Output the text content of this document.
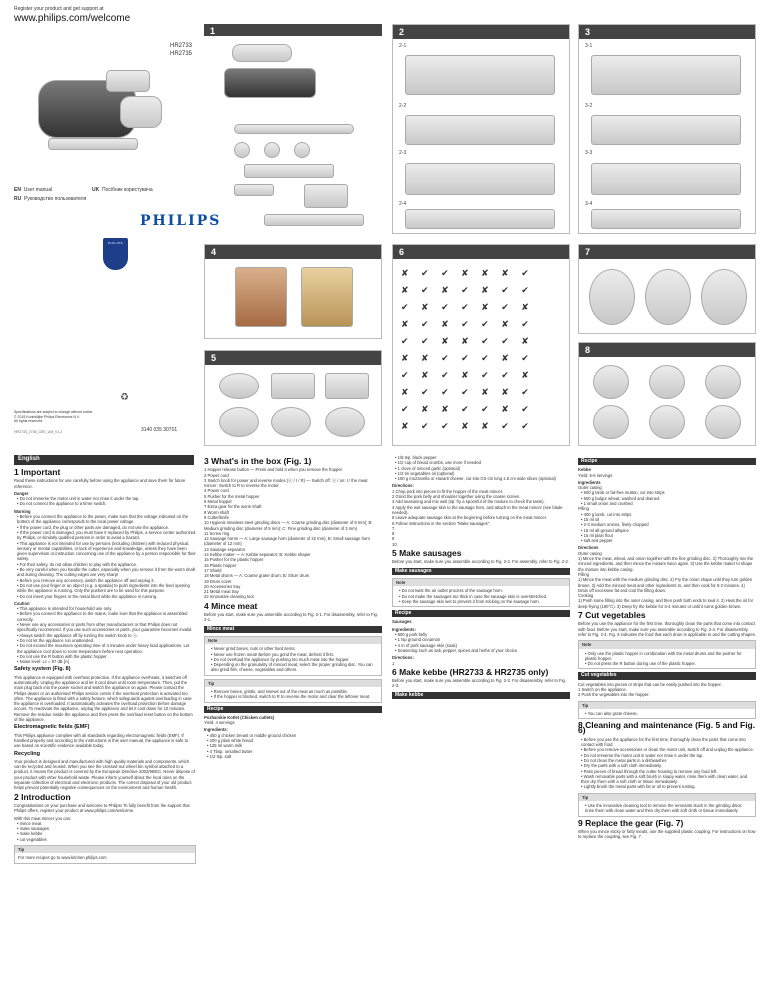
Register your product and get support at
www.philips.com/welcome
HR2733
HR2735
1
EN User manual
RU Руководство пользователя
UK Посібник користувача
PHILIPS
PHILIPS
Specifications are subject to change without notice
© 2015 Koninklijke Philips Electronics N.V.
All rights reserved.
3140 035 30701
♻
HR2733_2735_CEE_UM_V1.2
2
2-1
2-2
2-3
2-4
3
3-1
3-2
3-3
3-4
4
5
6
✘ ✔ ✔ ✘ ✘ ✘ ✔
✘ ✔ ✘ ✔ ✘ ✔ ✔
✔ ✘ ✔ ✔ ✘ ✔ ✘
✘ ✔ ✘ ✔ ✔ ✘ ✔
✔ ✔ ✘ ✘ ✔ ✔ ✘
✘ ✘ ✔ ✔ ✔ ✘ ✔
✔ ✘ ✔ ✘ ✔ ✔ ✘
✘ ✔ ✔ ✔ ✘ ✘ ✔
✔ ✘ ✘ ✔ ✔ ✘ ✔
✘ ✔ ✔ ✘ ✘ ✔ ✔
7
8
English
1 Important
Read these instructions for use carefully before using the appliance and save them for future reference.
Danger
• Do not immerse the motor unit in water nor rinse it under the tap.
• Do not connect the appliance to a timer switch.
Warning
• Before you connect the appliance to the power, make sure that the voltage indicated on the bottom of the appliance corresponds to the local power voltage.
• If the power cord, the plug or other parts are damaged, do not use the appliance.
• If the power cord is damaged, you must have it replaced by Philips, a service center authorized by Philips, or similarly qualified persons in order to avoid a hazard.
• This appliance is not intended for use by persons (including children) with reduced physical, sensory or mental capabilities, or lack of experience and knowledge, unless they have been given supervision or instruction concerning use of the appliance by a person responsible for their safety.
• For their safety, do not allow children to play with the appliance.
• Be very careful when you handle the cutter, especially when you remove it from the worm shaft and during cleaning. The cutting edges are very sharp!
• Before you remove any accessory, switch the appliance off and unplug it.
• Do not use your finger or an object (e.g. a spatula) to push ingredients into the feed opening while the appliance is running. Only the pushers are to be used for this purpose.
• Do not insert your fingers or the metal blunt while the appliance is running.
Caution
• This appliance is intended for household use only.
• Before you connect the appliance to the mains, make sure that the appliance is assembled correctly.
• Never use any accessories or parts from other manufacturers or that Philips does not specifically recommend. If you use such accessories or parts, your guarantee becomes invalid.
• Always switch the appliance off by turning the switch knob to ⓞ.
• Do not let the appliance run unattended.
• Do not exceed the maximum operating time of 4 minutes under heavy load applications. Let the appliance cool down to room temperature before next operation.
• Do not use the R button with the plastic hopper.
• Noise level: Lc = 87 dB [A]
Safety system (Fig. 8)
This appliance is equipped with overheat protection. If the appliance overheats, it switches off automatically. Unplug the appliance and let it cool down until room temperature. Then, put the main plug back into the power socket and switch the appliance on again. Please contact the Philips dealer or an authorised Philips service centre if the overheat protection is activated too often. The appliance is fitted with a safety feature, which safeguards against overloading in case the appliance is overloaded. It automatically activates the overload protection before damage occurs. To reactivate the appliance, unplug the appliance and let it cool down for 10 minutes. Remove the residue inside the appliance and then press the overload reset button on the bottom of the appliance.
Electromagnetic fields (EMF)
This Philips appliance complies with all standards regarding electromagnetic fields (EMF). If handled properly and according to the instructions in this user manual, the appliance is safe to use based on scientific evidence available today.
Recycling
Your product is designed and manufactured with high quality materials and components, which can be recycled and reused. When you see the crossed-out wheel bin symbol attached to a product, it means the product is covered by the European Directive 2002/96/EC. Never dispose of your product with other household waste. Please inform yourself about the local rules on the separate collection of electrical and electronic products. The correct disposal of your old product helps prevent potentially negative consequences on the environment and human health.
2 Introduction
Congratulations on your purchase and welcome to Philips! To fully benefit from the support that Philips offers, register your product at www.philips.com/welcome.
With this meat mincer you can:
• mince meat
• make sausages
• make kebbe
• cut vegetables
Tip
For more recipes go to www.kitchen.philips.com
3 What's in the box (Fig. 1)
1 Hopper release button — Press and hold it when you remove the hopper.
2 Power cord
3 Switch knob for power and reverse modes (ⓞ / I / R) — Switch off: ⓞ / on: I / the meat mincer; Switch to R to reverse the motor
4 Power cord
5 Pusher for the metal hopper
6 Metal hopper
7 Extra gear for the worm shaft
8 Worm shaft
9 Cutter/knife
10 Hygienic stainless steel grinding discs — A: Coarse grinding disc (diameter of 8 mm); B: Medium grinding disc (diameter of 5 mm); C: Fine grinding disc (diameter of 3 mm)
11 Screw ring
12 Sausage horns — A: Large sausage horn (diameter of 22 mm); B: Small sausage horn (diameter of 12 mm)
13 Sausage separator
14 Kebbe maker — A: Kebbe separator; B: Kebbe shaper
15 Pusher for the plastic hopper
16 Plastic hopper
17 Shield
18 Metal drums — A: Coarse grater drum; B: Slicer drum
19 Drum cover
20 Accessories tray
21 Metal meat tray
22 Innovative cleaning tool
4 Mince meat
Before you start, make sure you assemble according to Fig. 2-1. For disassembly, refer to Fig. 2-1.
Mince meat
Note
• Never grind bones, nuts or other hard items.
• Never use frozen meat! Before you grind the meat, defrost it first.
• Do not overload the appliance by pushing too much meat into the hopper.
• Depending on the granularity of minced meat, select the proper grinding disc. You can also grind fish, cheese, vegetables and others.
Tip
• Remove bones, gristle, and sinews out of the meat as much as possible.
• If the hopper is blocked, switch to R to reverse the motor and clear the leftover meat.
Recipe
Pozharskie Kotlet (Chicken cutlets)
Yield: 4 servings
Ingredients:
• 450 g chicken breast or middle ground chicken
• 200 g plain white bread
• 125 ml warm milk
• 4 Tbsp. unsalted butter
• 1/2 tsp. salt
• 1/8 tsp. black pepper
• 1/2 cup of bread crumbs, use more if needed
• 1 clove of minced garlic (optional)
• 1/2 tin vegetables oil (optional)
• 100 g mozzarella or Havarti cheese, cut into 0.5 cm long 1.5 cm wide slices (optional)
Directions:
1 Chop pork into pieces to fit the hopper of the meat mincer.
2 Grind the pork belly and shoulder together using the coarse screen.
3 Add seasoning and mix well (tip: fry a spoonful of the mixture to check the taste).
4 Apply the wet sausage skin to the sausage horn, and attach to the meat mincer (see blade needed).
5 Leave adequate sausage skin at the beginning before turning on the meat mincer.
6 Follow instructions in the section "Make sausages".
7
8
9
10
5 Make sausages
Before you start, make sure you assemble according to Fig. 2-2. For assembly, refer to Fig. 2-2.
Make sausages
Note
• Do not twist the air outlet process of the sausage horn.
• Do not make the sausages too thick in case the sausage skin is overstretched.
• Keep the sausage skin wet to prevent it from sticking on the sausage horn.
Recipe
Sausages
Ingredients:
• 800 g pork belly
• 1 tsp ground cinnamon
• 4 m of pork sausage skin (soak)
• Seasoning such as salt, pepper, spices and herbs of your choice
Directions:
1
6 Make kebbe (HR2733 & HR2735 only)
Before you start, make sure you assemble according to Fig. 2-3. For disassembly, refer to Fig. 2-3.
Make kebbe
Recipe
Kebbe
Yield: 5-6 servings
Ingredients
Outer casing
• 500 g lamb or fat-free mutton, cut into strips
• 500 g bulgur wheat, washed and drained
• 1 small onion and crushed
Filling
• 400 g lamb, cut into strips
• 15 ml oil
• 2-3 medium onions, finely chopped
• 15 ml all-ground allspice
• 15 ml plain flour
• salt and pepper
Directions
Outer casing
1) Mince the meat, wheat, and onion together with the fine grinding disc. 2) Thoroughly mix the minced ingredients, and then mince the mixture twice again. 3) Use the kebbe maker to shape the mixture into kebbe casing.
Filling
1) Mince the meat with the medium grinding disc. 2) Fry the onion shape until they turn golden brown. 3) Add the minced meat and other ingredients to, and then cook for 5-2 minutes. 4) Drain off excessive fat and cool the filling down.
Cooking
1) Push some filling into the outer casing, and then push both ends to seal it. 2) Heat the oil for deep-frying (190°C). 3) Deep fry the kebbe for 3-4 minutes or until it turns golden brown.
7 Cut vegetables
Before you use the appliance for the first time, thoroughly clean the parts that come into contact with food. Before you start, make sure you assemble according to Fig. 2-4. For disassembly, refer to Fig. 2-4. Fig. 6 indicates the food that each drum is applicable to and the cutting shapes.
Note
• Only use the plastic hopper in combination with the metal drums and the pusher for plastic hopper.
• Do not press the R button during use of the plastic hopper.
Cut vegetables
Cut vegetables into pieces or strips that can be easily pushed into the hopper.
1 Switch on the appliance.
2 Push the vegetables into the hopper.
Tip
• You can also grate cheese.
8 Cleaning and maintenance (Fig. 5 and Fig. 6)
• Before you use the appliance for the first time, thoroughly clean the parts that come into contact with food.
• Before you remove accessories or clean the motor unit, switch off and unplug the appliance.
• Do not immerse the motor unit in water nor rinse it under the tap.
• Do not clean the metal parts in a dishwasher.
• Dry the parts with a soft cloth immediately.
• Pass pieces of bread through the cutter housing to remove any food left.
• Wash removable parts with a soft brush in soapy water, rinse them with clean water, and then dry them with a soft cloth or tissue immediately.
• Lightly brush the metal parts with fat or oil to prevent rusting.
Tip
• Use the innovative cleaning tool to remove the remnants stuck in the grinding discs: rinse them with clean water and then dry them with soft cloth or tissue immediately.
9 Replace the gear (Fig. 7)
When you mince sticky or fatty meats, use the supplied plastic coupling. For instructions on how to replace the coupling, see Fig. 7.
